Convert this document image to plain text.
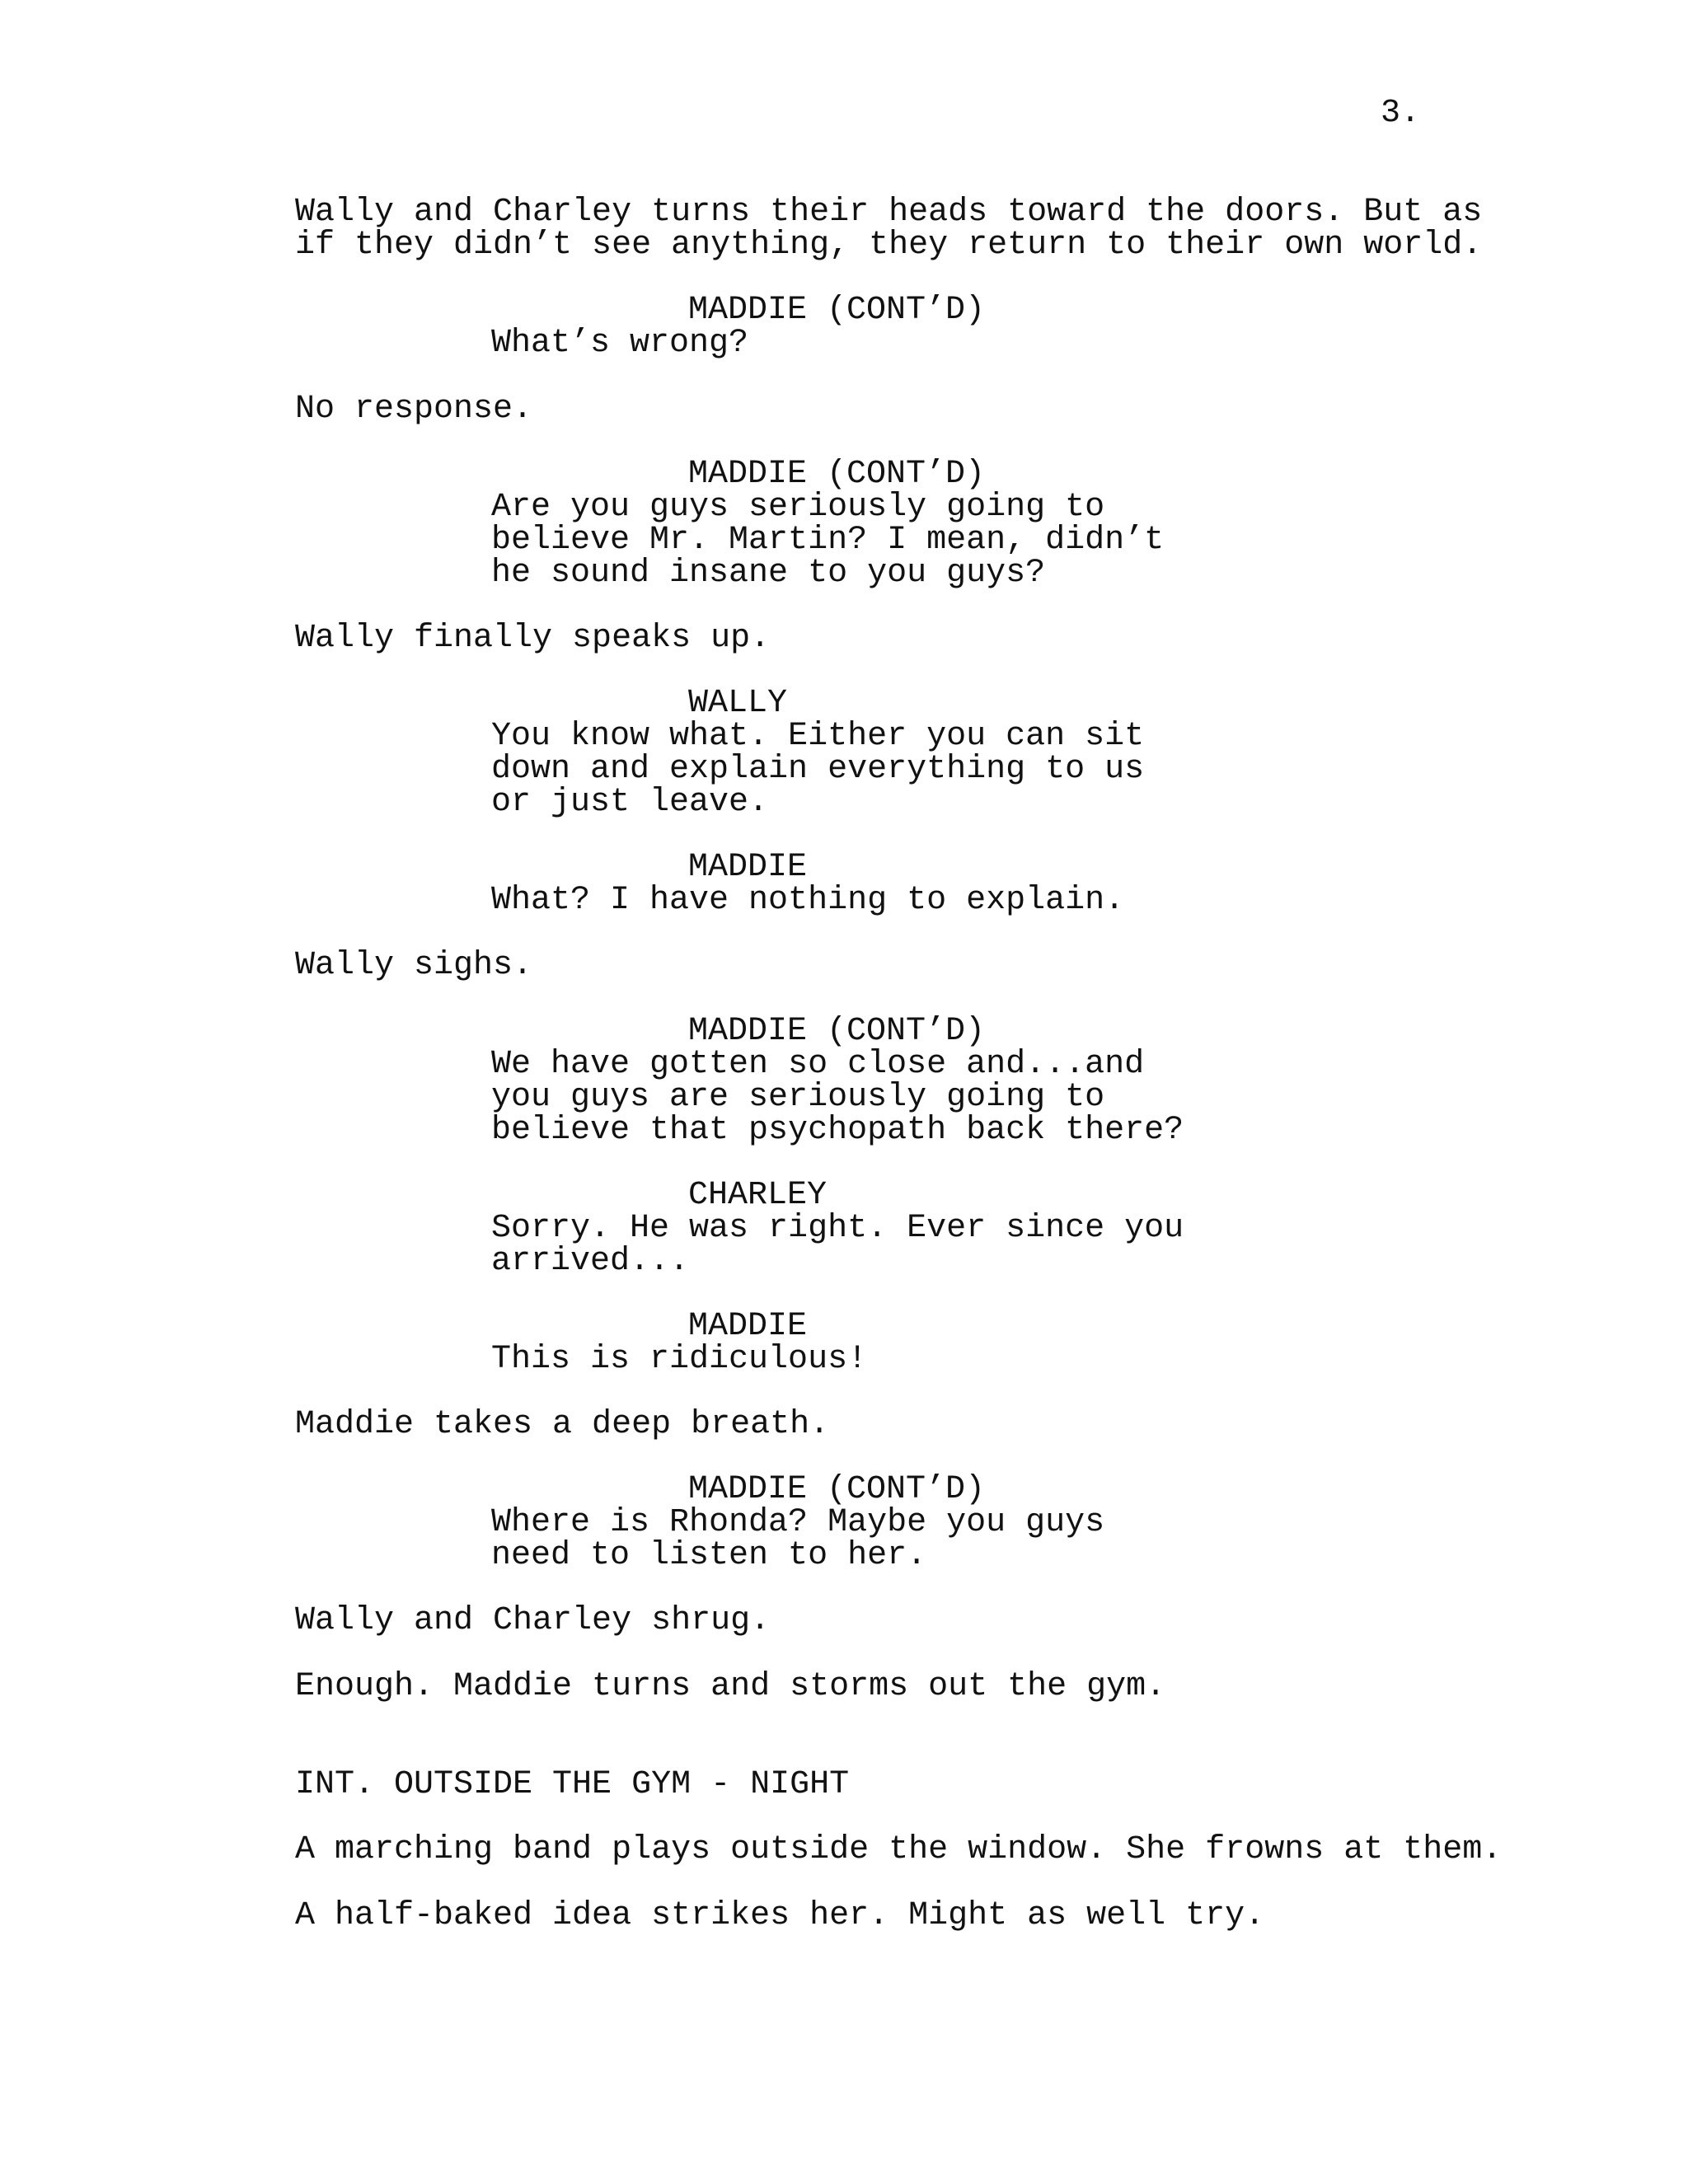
3.
Wally and Charley turns their heads toward the doors. But as
if they didn’t see anything, they return to their own world.
MADDIE (CONT’D)
What’s wrong?
No response.
MADDIE (CONT’D)
Are you guys seriously going to
believe Mr. Martin? I mean, didn’t
he sound insane to you guys?
Wally finally speaks up.
WALLY
You know what. Either you can sit
down and explain everything to us
or just leave.
MADDIE
What? I have nothing to explain.
Wally sighs.
MADDIE (CONT’D)
We have gotten so close and...and
you guys are seriously going to
believe that psychopath back there?
CHARLEY
Sorry. He was right. Ever since you
arrived...
MADDIE
This is ridiculous!
Maddie takes a deep breath.
MADDIE (CONT’D)
Where is Rhonda? Maybe you guys
need to listen to her.
Wally and Charley shrug.
Enough. Maddie turns and storms out the gym.
INT. OUTSIDE THE GYM - NIGHT
A marching band plays outside the window. She frowns at them.
A half-baked idea strikes her. Might as well try.
